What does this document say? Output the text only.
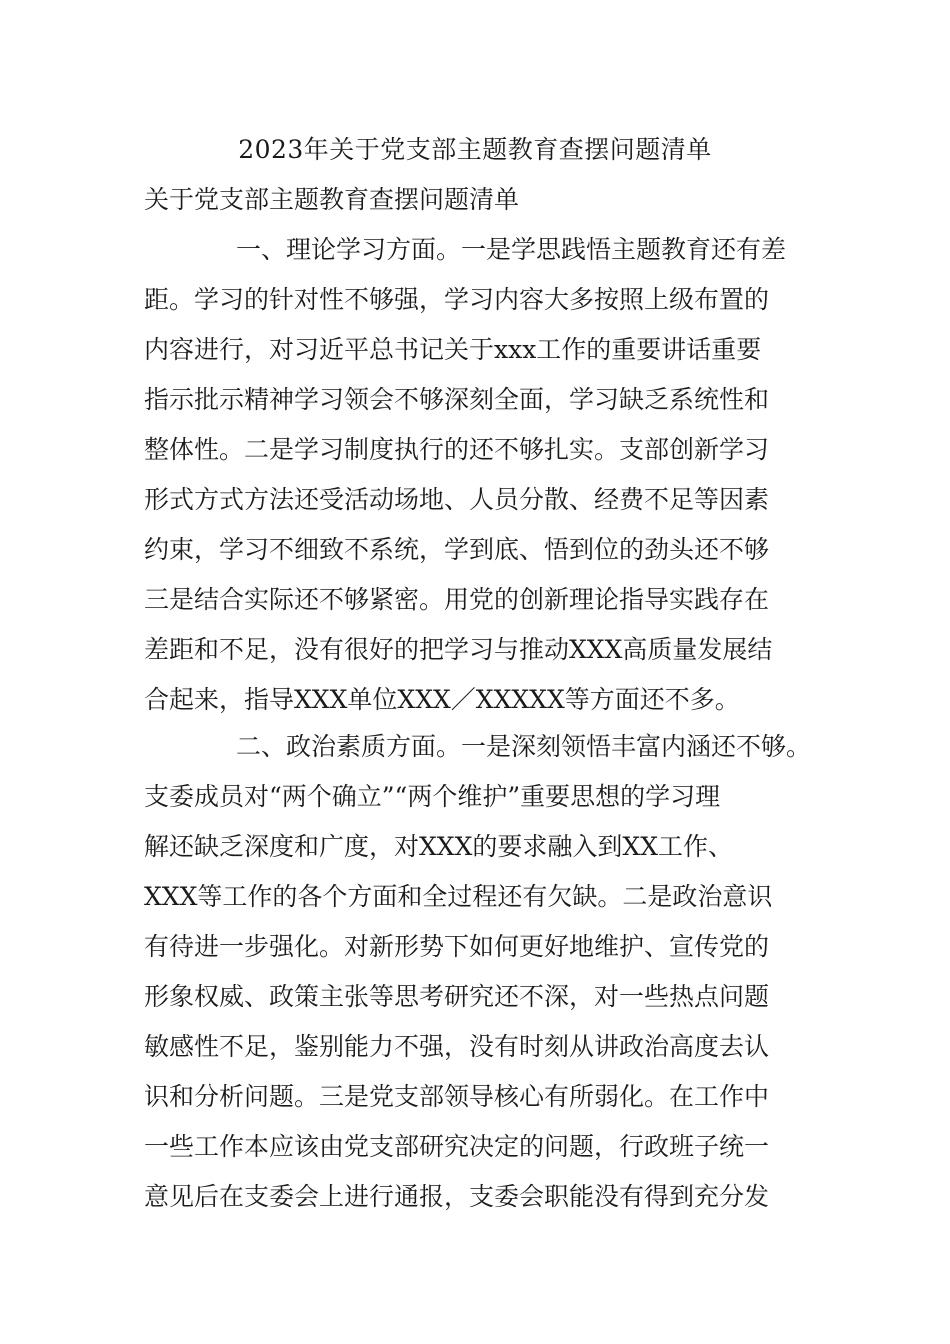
2023年关于党支部主题教育查摆问题清单
关于党支部主题教育查摆问题清单
一、理论学习方面。一是学思践悟主题教育还有差
距。学习的针对性不够强，学习内容大多按照上级布置的
内容进行，对习近平总书记关于xxx工作的重要讲话重要
指示批示精神学习领会不够深刻全面，学习缺乏系统性和
整体性。二是学习制度执行的还不够扎实。支部创新学习
形式方式方法还受活动场地、人员分散、经费不足等因素
约束，学习不细致不系统，学到底、悟到位的劲头还不够
三是结合实际还不够紧密。用党的创新理论指导实践存在
差距和不足，没有很好的把学习与推动XXX高质量发展结
合起来，指导XXX单位XXX／XXXXX等方面还不多。
二、政治素质方面。一是深刻领悟丰富内涵还不够。
支委成员对“两个确立”“两个维护”重要思想的学习理
解还缺乏深度和广度，对XXX的要求融入到XX工作、
XXX等工作的各个方面和全过程还有欠缺。二是政治意识
有待进一步强化。对新形势下如何更好地维护、宣传党的
形象权威、政策主张等思考研究还不深，对一些热点问题
敏感性不足，鉴别能力不强，没有时刻从讲政治高度去认
识和分析问题。三是党支部领导核心有所弱化。在工作中
一些工作本应该由党支部研究决定的问题，行政班子统一
意见后在支委会上进行通报，支委会职能没有得到充分发
